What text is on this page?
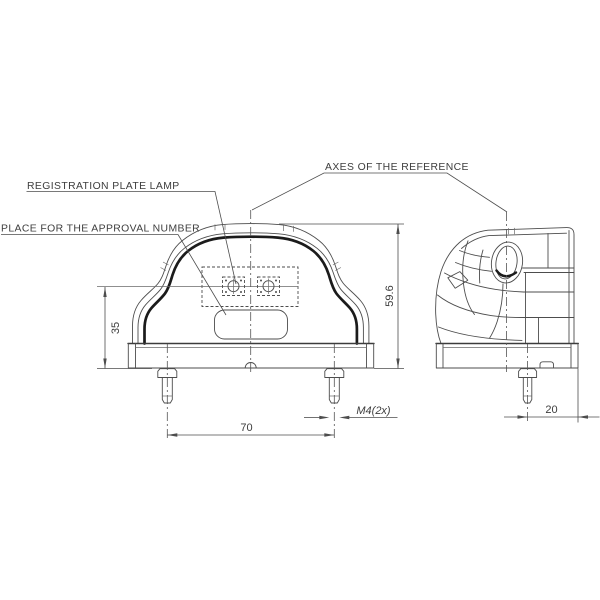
REGISTRATION PLATE LAMP
PLACE FOR THE APPROVAL NUMBER
AXES OF THE REFERENCE
35
59.6
70
M4(2x)	20
